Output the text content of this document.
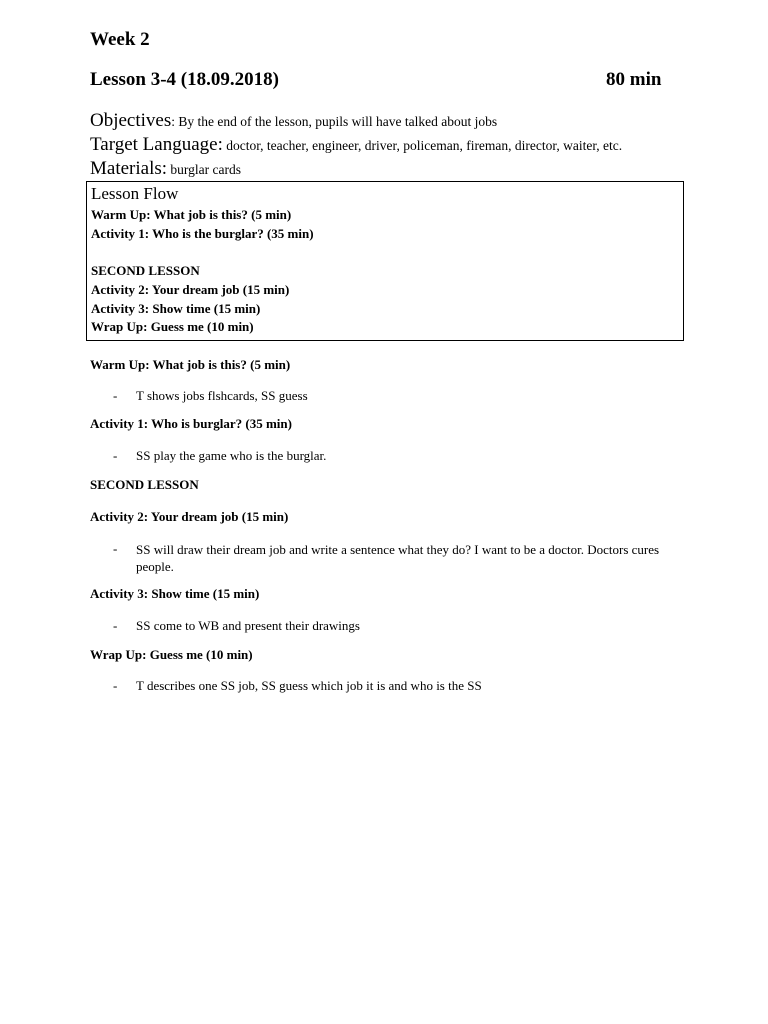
Week 2
Lesson 3-4 (18.09.2018)	80 min
Objectives: By the end of the lesson, pupils will have talked about jobs
Target Language: doctor, teacher, engineer, driver, policeman, fireman, director, waiter, etc.
Materials: burglar cards
Lesson Flow
Warm Up: What job is this? (5 min)
Activity 1: Who is the burglar? (35 min)
SECOND LESSON
Activity 2: Your dream job (15 min)
Activity 3: Show time (15 min)
Wrap Up: Guess me (10 min)
Warm Up: What job is this? (5 min)
- T shows jobs flshcards, SS guess
Activity 1: Who is burglar? (35 min)
- SS play the game who is the burglar.
SECOND LESSON
Activity 2: Your dream job (15 min)
- SS will draw their dream job and write a sentence what they do? I want to be a doctor. Doctors cures people.
Activity 3: Show time (15 min)
- SS come to WB and present their drawings
Wrap Up: Guess me (10 min)
- T describes one SS job, SS guess which job it is and who is the SS
